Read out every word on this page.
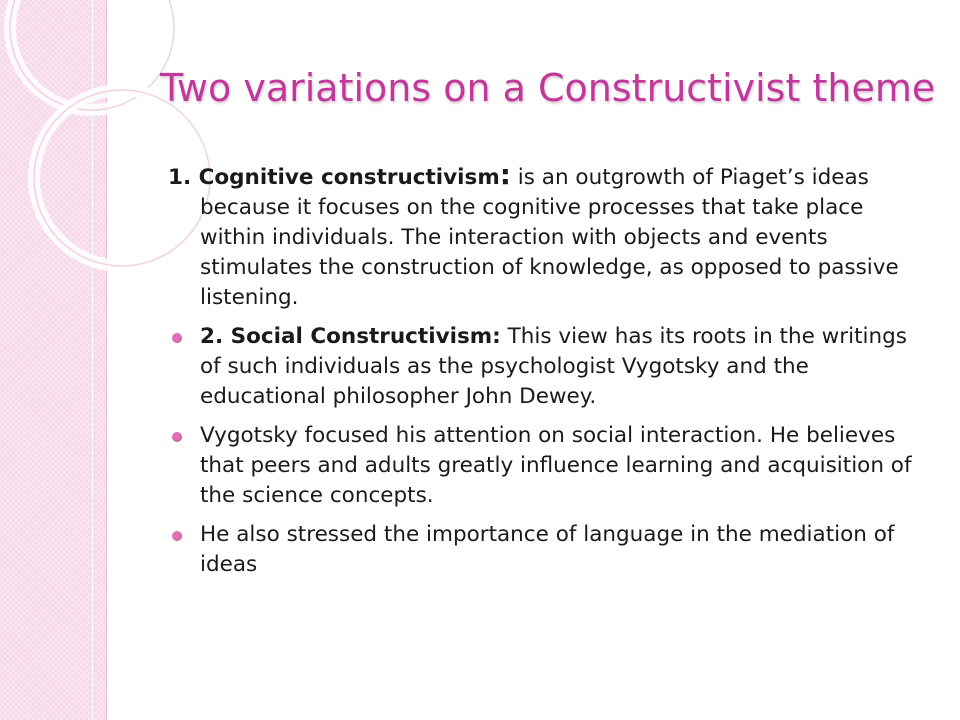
Two variations on a Constructivist theme

1. Cognitive constructivism: is an outgrowth of Piaget’s ideas because it focuses on the cognitive processes that take place within individuals. The interaction with objects and events stimulates the construction of knowledge, as opposed to passive listening.

2. Social Constructivism: This view has its roots in the writings of such individuals as the psychologist Vygotsky and the educational philosopher John Dewey.

Vygotsky focused his attention on social interaction. He believes that peers and adults greatly influence learning and acquisition of the science concepts.

He also stressed the importance of language in the mediation of ideas
